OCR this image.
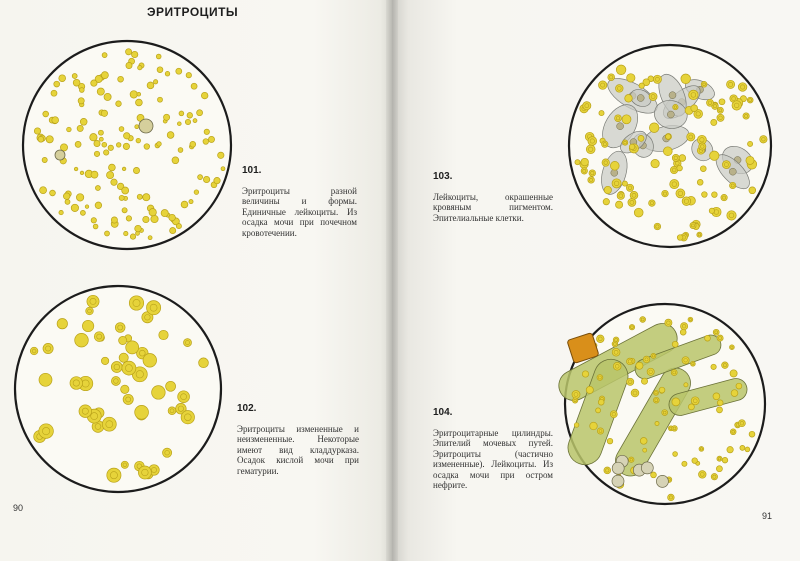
ЭРИТРОЦИТЫ
101.
Эритроциты разной величины и формы. Единичные лейкоциты. Из осадка мочи при почечном кровотечении.
102.
Эритроциты измененные и неизмененные. Некоторые имеют вид кладдурказа. Осадок кислой мочи при гематурии.
103.
Лейкоциты, окрашенные кровяным пигментом. Эпителиальные клетки.
104.
Эритроцитарные цилиндры. Эпителий мочевых путей. Эритроциты (частично измененные). Лейкоциты. Из осадка мочи при остром нефрите.
90
91
